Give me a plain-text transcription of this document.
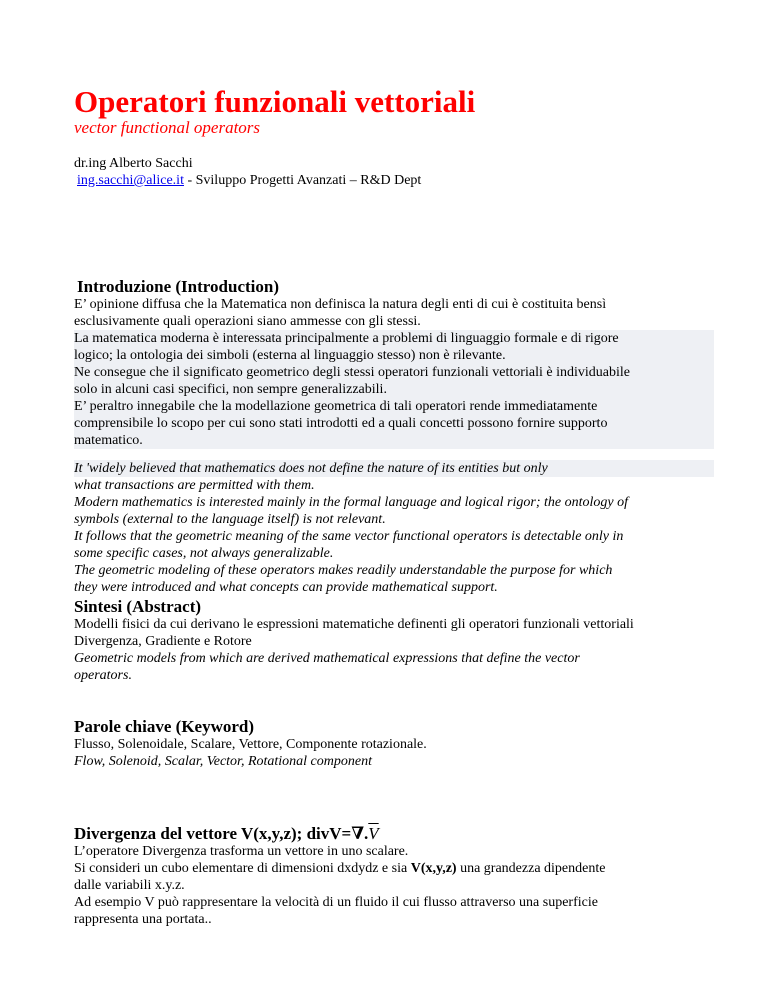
Operatori funzionali vettoriali
vector functional operators
dr.ing Alberto Sacchi
ing.sacchi@alice.it - Sviluppo Progetti Avanzati – R&D Dept
Introduzione (Introduction)
E’ opinione diffusa che la Matematica non definisca la natura degli enti di cui è costituita bensì
esclusivamente quali operazioni siano ammesse con gli stessi.
La matematica moderna è interessata principalmente a problemi di linguaggio formale e di rigore
logico; la ontologia dei simboli (esterna al linguaggio stesso) non è rilevante.
Ne consegue che il significato geometrico degli stessi operatori funzionali vettoriali è individuabile
solo in alcuni casi specifici, non sempre generalizzabili.
E’ peraltro innegabile che la modellazione geometrica di tali operatori rende immediatamente
comprensibile lo scopo per cui sono stati introdotti ed a quali concetti possono fornire supporto
matematico.
It 'widely believed that mathematics does not define the nature of its entities but only
what transactions are permitted with them.
Modern mathematics is interested mainly in the formal language and logical rigor; the ontology of
symbols (external to the language itself) is not relevant.
It follows that the geometric meaning of the same vector functional operators is detectable only in
some specific cases, not always generalizable.
The geometric modeling of these operators makes readily understandable the purpose for which
they were introduced and what concepts can provide mathematical support.
Sintesi (Abstract)
Modelli fisici da cui derivano le espressioni matematiche definenti gli operatori funzionali vettoriali
Divergenza, Gradiente e Rotore
Geometric models from which are derived mathematical expressions that define the vector
operators.
Parole chiave (Keyword)
Flusso, Solenoidale, Scalare, Vettore, Componente rotazionale.
Flow, Solenoid, Scalar, Vector, Rotational component
Divergenza del vettore V(x,y,z); divV=∇.V
L’operatore Divergenza trasforma un vettore in uno scalare.
Si consideri un cubo elementare di dimensioni dxdydz e sia V(x,y,z) una grandezza dipendente
dalle variabili x.y.z.
Ad esempio V può rappresentare la velocità di un fluido il cui flusso attraverso una superficie
rappresenta una portata..
